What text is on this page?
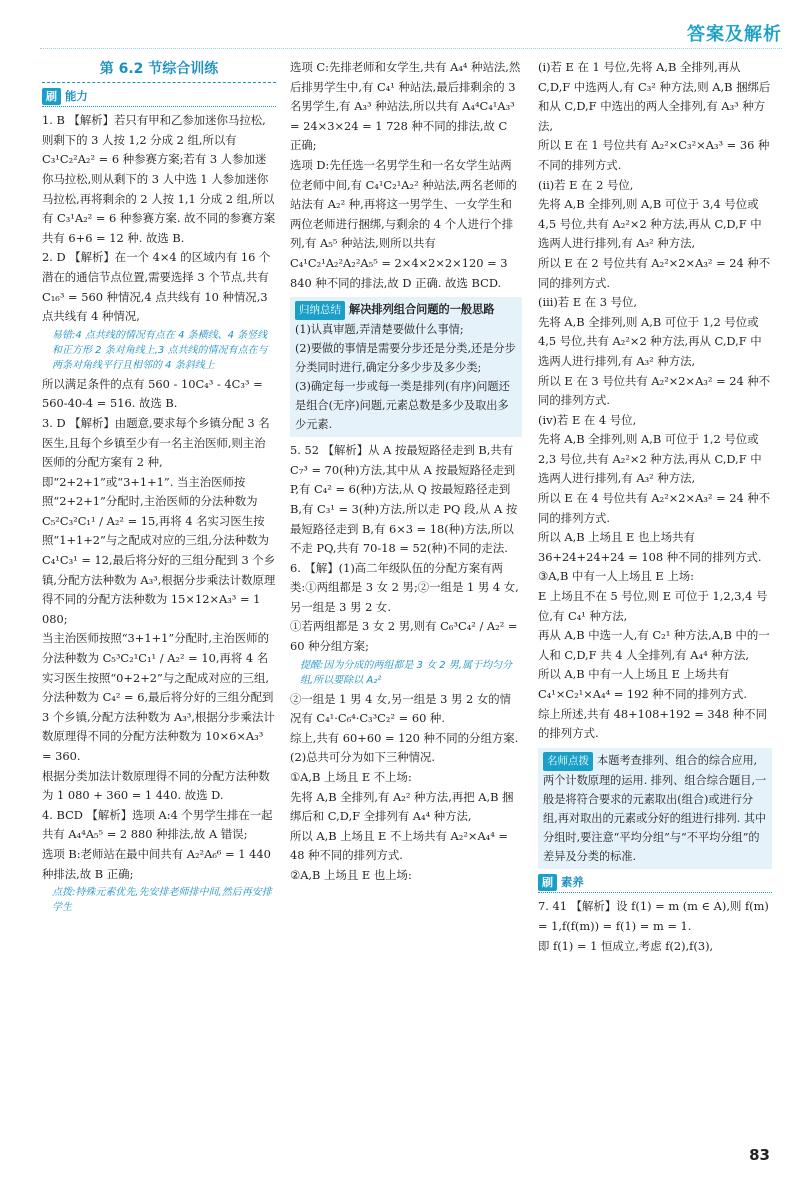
答案及解析
第 6.2 节综合训练
刷 能力

1. B 【解析】若只有甲和乙参加迷你马拉松,则剩下的 3 人按 1,2 分成 2 组,所以有 C₃¹C₂²A₂² = 6 种参赛方案;若有 3 人参加迷你马拉松,则从剩下的 3 人中选 1 人参加迷你马拉松,再将剩余的 2 人按 1,1 分成 2 组,所以有 C₃¹A₂² = 6 种参赛方案. 故不同的参赛方案共有 6+6 = 12 种. 故选 B.

2. D 【解析】在一个 4×4 的区域内有 16 个潜在的通信节点位置,需要选择 3 个节点,共有 C₁₆³ = 560 种情况,4 点共线有 10 种情况,3 点共线有 4 种情况,

易错:4 点共线的情况有点在 4 条横线、4 条竖线和正方形 2 条对角线上,3 点共线的情况有点在与两条对角线平行且相邻的 4 条斜线上

所以满足条件的点有 560 - 10C₄³ - 4C₃³ = 560-40-4 = 516. 故选 B.

3. D 【解析】由题意,要求每个乡镇分配 3 名医生,且每个乡镇至少有一名主治医师,则主治医师的分配方案有 2 种,即“2+2+1”或“3+1+1”. 当主治医师按照“2+2+1”分配时,主治医师的分法种数为 C₅²C₃²C₁¹ / A₂² = 15,再将 4 名实习医生按照“1+1+2”与之配成对应的三组,分法种数为 C₄¹C₃¹ = 12,最后将分好的三组分配到 3 个乡镇,分配方法种数为 A₃³,根据分步乘法计数原理得不同的分配方法种数为 15×12×A₃³ = 1 080;

当主治医师按照“3+1+1”分配时,主治医师的分法种数为 C₅³C₂¹C₁¹ / A₂² = 10,再将 4 名实习医生按照“0+2+2”与之配成对应的三组,分法种数为 C₄² = 6,最后将分好的三组分配到 3 个乡镇,分配方法种数为 A₃³,根据分步乘法计数原理得不同的分配方法种数为 10×6×A₃³ = 360.

根据分类加法计数原理得不同的分配方法种数为 1 080 + 360 = 1 440. 故选 D.

4. BCD 【解析】选项 A:4 个男学生排在一起共有 A₄⁴A₅⁵ = 2 880 种排法,故 A 错误;

选项 B:老师站在最中间共有 A₂²A₆⁶ = 1 440 种排法,故 B 正确;

点拨:特殊元素优先,先安排老师排中间,然后再安排学生

选项 C:先排老师和女学生,共有 A₄⁴ 种站法,然后排男学生中,有 C₄¹ 种站法,最后排剩余的 3 名男学生,有 A₃³ 种站法,所以共有 A₄⁴C₄¹A₃³ = 24×3×24 = 1 728 种不同的排法,故 C 正确;

选项 D:先任选一名男学生和一名女学生站两位老师中间,有 C₄¹C₂¹A₂² 种站法,两名老师的站法有 A₂² 种,再将这一男学生、一女学生和两位老师进行捆绑,与剩余的 4 个人进行个排列,有 A₅⁵ 种站法,则所以共有 C₄¹C₂¹A₂²A₂²A₅⁵ = 2×4×2×2×120 = 3 840 种不同的排法,故 D 正确. 故选 BCD.

归纳总结 解决排列组合问题的一般思路

(1)认真审题,弄清楚要做什么事情;

(2)要做的事情是需要分步还是分类,还是分步分类同时进行,确定分多少步及多少类;

(3)确定每一步或每一类是排列(有序)问题还是组合(无序)问题,元素总数是多少及取出多少元素.

5. 52 【解析】从 A 按最短路径走到 B,共有 C₇³ = 70(种)方法,其中从 A 按最短路径走到 P,有 C₄² = 6(种)方法,从 Q 按最短路径走到 B,有 C₃¹ = 3(种)方法,所以走 PQ 段,从 A 按最短路径走到 B,有 6×3 = 18(种)方法,所以不走 PQ,共有 70-18 = 52(种)不同的走法.

6. 【解】(1)高二年级队伍的分配方案有两类:①两组都是 3 女 2 男;②一组是 1 男 4 女,另一组是 3 男 2 女.

①若两组都是 3 女 2 男,则有 C₆³C₄² / A₂² = 60 种分组方案;

提醒:因为分成的两组都是 3 女 2 男,属于均匀分组,所以要除以 A₂²

②一组是 1 男 4 女,另一组是 3 男 2 女的情况有 C₄¹·C₆⁴·C₃³C₂² = 60 种.

综上,共有 60+60 = 120 种不同的分组方案.

(2)总共可分为如下三种情况.

①A,B 上场且 E 不上场:

先将 A,B 全排列,有 A₂² 种方法,再把 A,B 捆绑后和 C,D,F 全排列有 A₄⁴ 种方法,

所以 A,B 上场且 E 不上场共有 A₂²×A₄⁴ = 48 种不同的排列方式.

②A,B 上场且 E 也上场:

(i)若 E 在 1 号位,先将 A,B 全排列,再从 C,D,F 中选两人,有 C₃² 种方法,则 A,B 捆绑后和从 C,D,F 中选出的两人全排列,有 A₃³ 种方法,

所以 E 在 1 号位共有 A₂²×C₃²×A₃³ = 36 种不同的排列方式.

(ii)若 E 在 2 号位,

先将 A,B 全排列,则 A,B 可位于 3,4 号位或 4,5 号位,共有 A₂²×2 种方法,再从 C,D,F 中选两人进行排列,有 A₃² 种方法,

所以 E 在 2 号位共有 A₂²×2×A₃² = 24 种不同的排列方式.

(iii)若 E 在 3 号位,

先将 A,B 全排列,则 A,B 可位于 1,2 号位或 4,5 号位,共有 A₂²×2 种方法,再从 C,D,F 中选两人进行排列,有 A₃² 种方法,

所以 E 在 3 号位共有 A₂²×2×A₃² = 24 种不同的排列方式.

(iv)若 E 在 4 号位,

先将 A,B 全排列,则 A,B 可位于 1,2 号位或 2,3 号位,共有 A₂²×2 种方法,再从 C,D,F 中选两人进行排列,有 A₃² 种方法,

所以 E 在 4 号位共有 A₂²×2×A₃² = 24 种不同的排列方式.

所以 A,B 上场且 E 也上场共有 36+24+24+24 = 108 种不同的排列方式.

③A,B 中有一人上场且 E 上场:

E 上场且不在 5 号位,则 E 可位于 1,2,3,4 号位,有 C₄¹ 种方法,

再从 A,B 中选一人,有 C₂¹ 种方法,A,B 中的一人和 C,D,F 共 4 人全排列,有 A₄⁴ 种方法,

所以 A,B 中有一人上场且 E 上场共有 C₄¹×C₂¹×A₄⁴ = 192 种不同的排列方式.

综上所述,共有 48+108+192 = 348 种不同的排列方式.

名师点拨 本题考查排列、组合的综合应用,两个计数原理的运用. 排列、组合综合题目,一般是将符合要求的元素取出(组合)或进行分组,再对取出的元素或分好的组进行排列. 其中分组时,要注意“平均分组”与“不平均分组”的差异及分类的标准.
刷 素养

7. 41 【解析】设 f(1) = m (m ∈ A),则 f(m) = 1,f(f(m)) = f(1) = m = 1.

即 f(1) = 1 恒成立,考虑 f(2),f(3),

83
